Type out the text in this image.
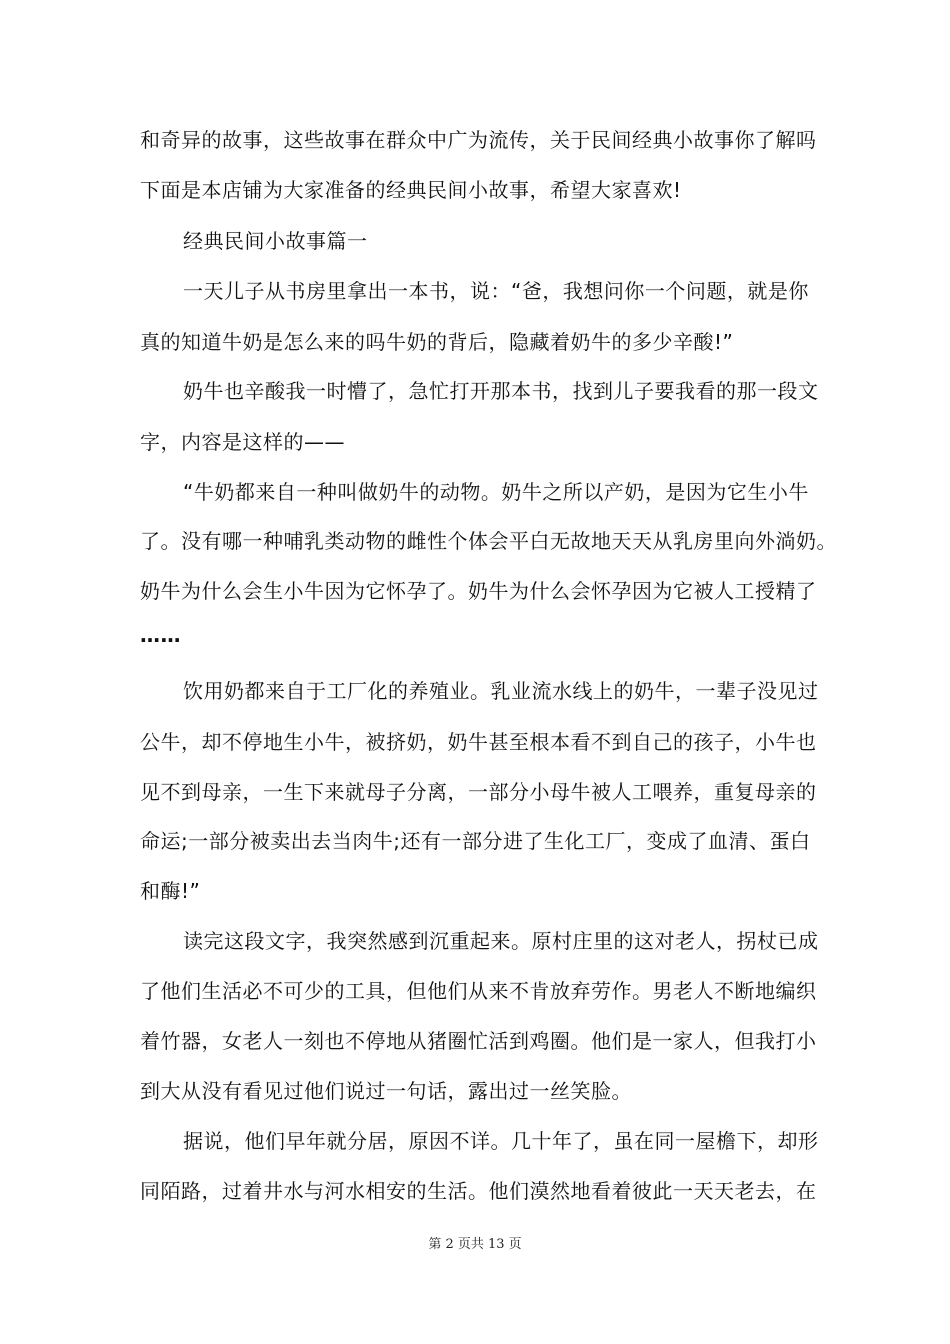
和奇异的故事，这些故事在群众中广为流传，关于民间经典小故事你了解吗
下面是本店铺为大家准备的经典民间小故事，希望大家喜欢!
经典民间小故事篇一
一天儿子从书房里拿出一本书，说：“爸，我想问你一个问题，就是你
真的知道牛奶是怎么来的吗牛奶的背后，隐藏着奶牛的多少辛酸!”
奶牛也辛酸我一时懵了，急忙打开那本书，找到儿子要我看的那一段文
字，内容是这样的——
“牛奶都来自一种叫做奶牛的动物。奶牛之所以产奶，是因为它生小牛
了。没有哪一种哺乳类动物的雌性个体会平白无故地天天从乳房里向外淌奶。
奶牛为什么会生小牛因为它怀孕了。奶牛为什么会怀孕因为它被人工授精了
……
饮用奶都来自于工厂化的养殖业。乳业流水线上的奶牛，一辈子没见过
公牛，却不停地生小牛，被挤奶，奶牛甚至根本看不到自己的孩子，小牛也
见不到母亲，一生下来就母子分离，一部分小母牛被人工喂养，重复母亲的
命运;一部分被卖出去当肉牛;还有一部分进了生化工厂，变成了血清、蛋白
和酶!”
读完这段文字，我突然感到沉重起来。原村庄里的这对老人，拐杖已成
了他们生活必不可少的工具，但他们从来不肯放弃劳作。男老人不断地编织
着竹器，女老人一刻也不停地从猪圈忙活到鸡圈。他们是一家人，但我打小
到大从没有看见过他们说过一句话，露出过一丝笑脸。
据说，他们早年就分居，原因不详。几十年了，虽在同一屋檐下，却形
同陌路，过着井水与河水相安的生活。他们漠然地看着彼此一天天老去，在
第 2 页共 13 页
